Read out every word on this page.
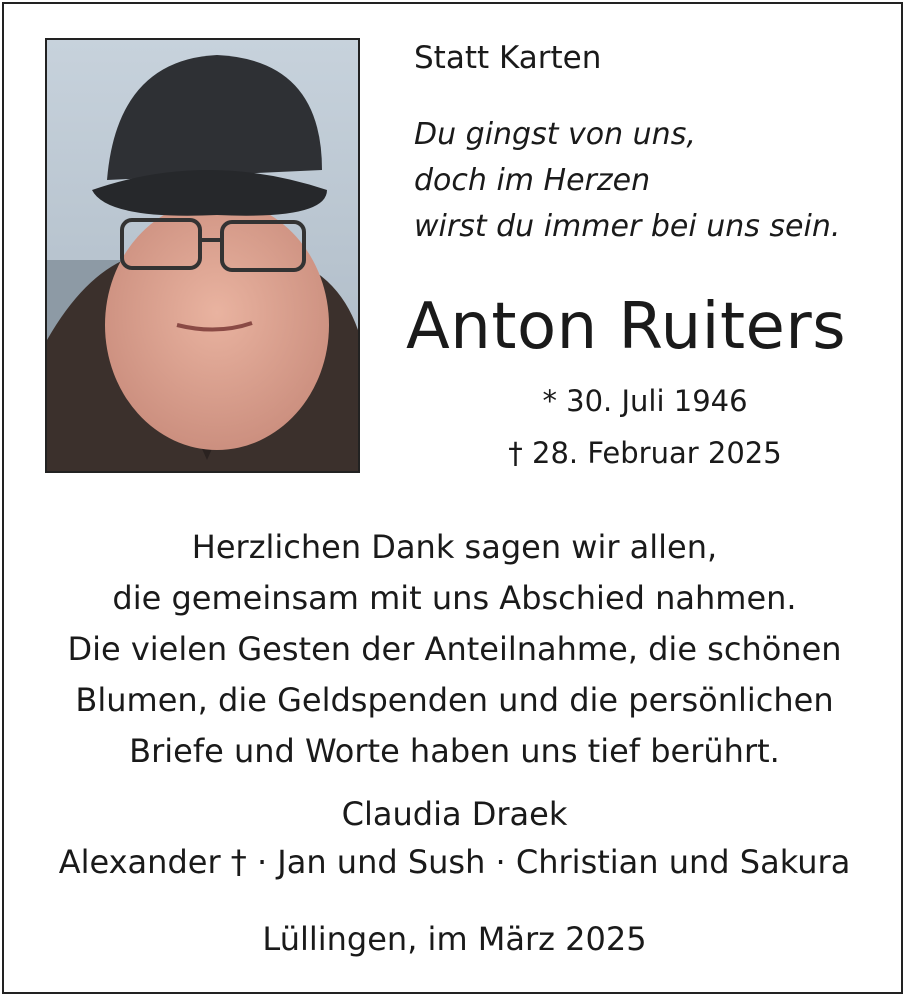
Statt Karten
Du gingst von uns,
doch im Herzen
wirst du immer bei uns sein.
Anton Ruiters
* 30. Juli 1946
† 28. Februar 2025
Herzlichen Dank sagen wir allen,
die gemeinsam mit uns Abschied nahmen.
Die vielen Gesten der Anteilnahme, die schönen
Blumen, die Geldspenden und die persönlichen
Briefe und Worte haben uns tief berührt.
Claudia Draek
Alexander † · Jan und Sush · Christian und Sakura
Lüllingen, im März 2025
